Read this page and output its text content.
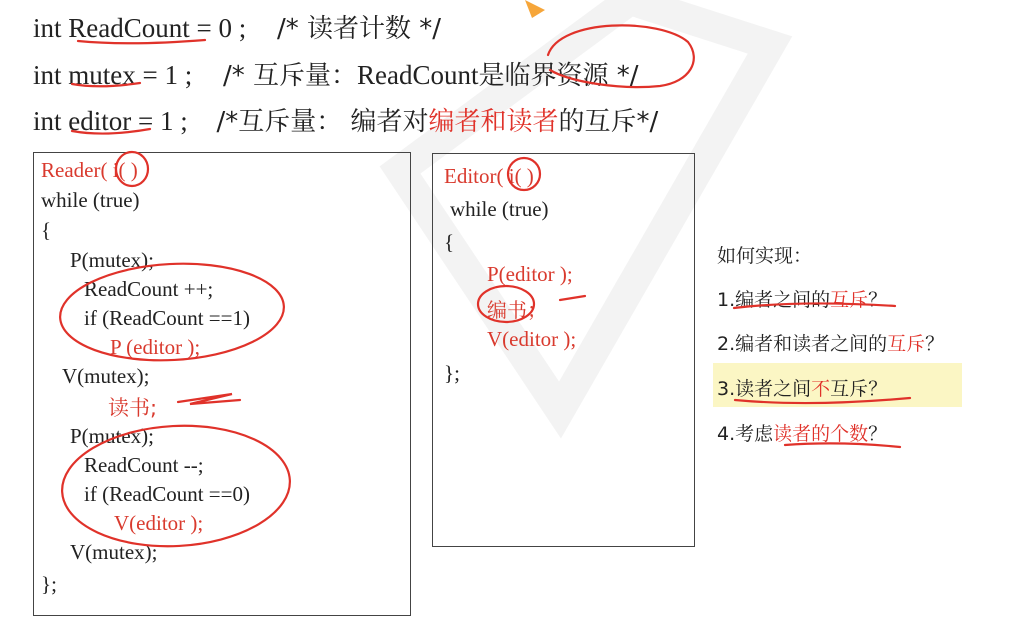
int ReadCount = 0 ; /* 读者计数 */
int mutex = 1 ; /* 互斥量：ReadCount是临界资源 */
int editor = 1 ; /*互斥量： 编者对编者和读者的互斥*/
Reader( i( )
while (true)
{
P(mutex);
ReadCount ++;
if (ReadCount ==1)
P (editor );
V(mutex);
读书;
P(mutex);
ReadCount --;
if (ReadCount ==0)
V(editor );
V(mutex);
};
Editor( i( )
while (true)
{
P(editor );
编书；
V(editor );
};
如何实现：
1.编者之间的互斥？
2.编者和读者之间的互斥？
3.读者之间不互斥？
4.考虑读者的个数？
